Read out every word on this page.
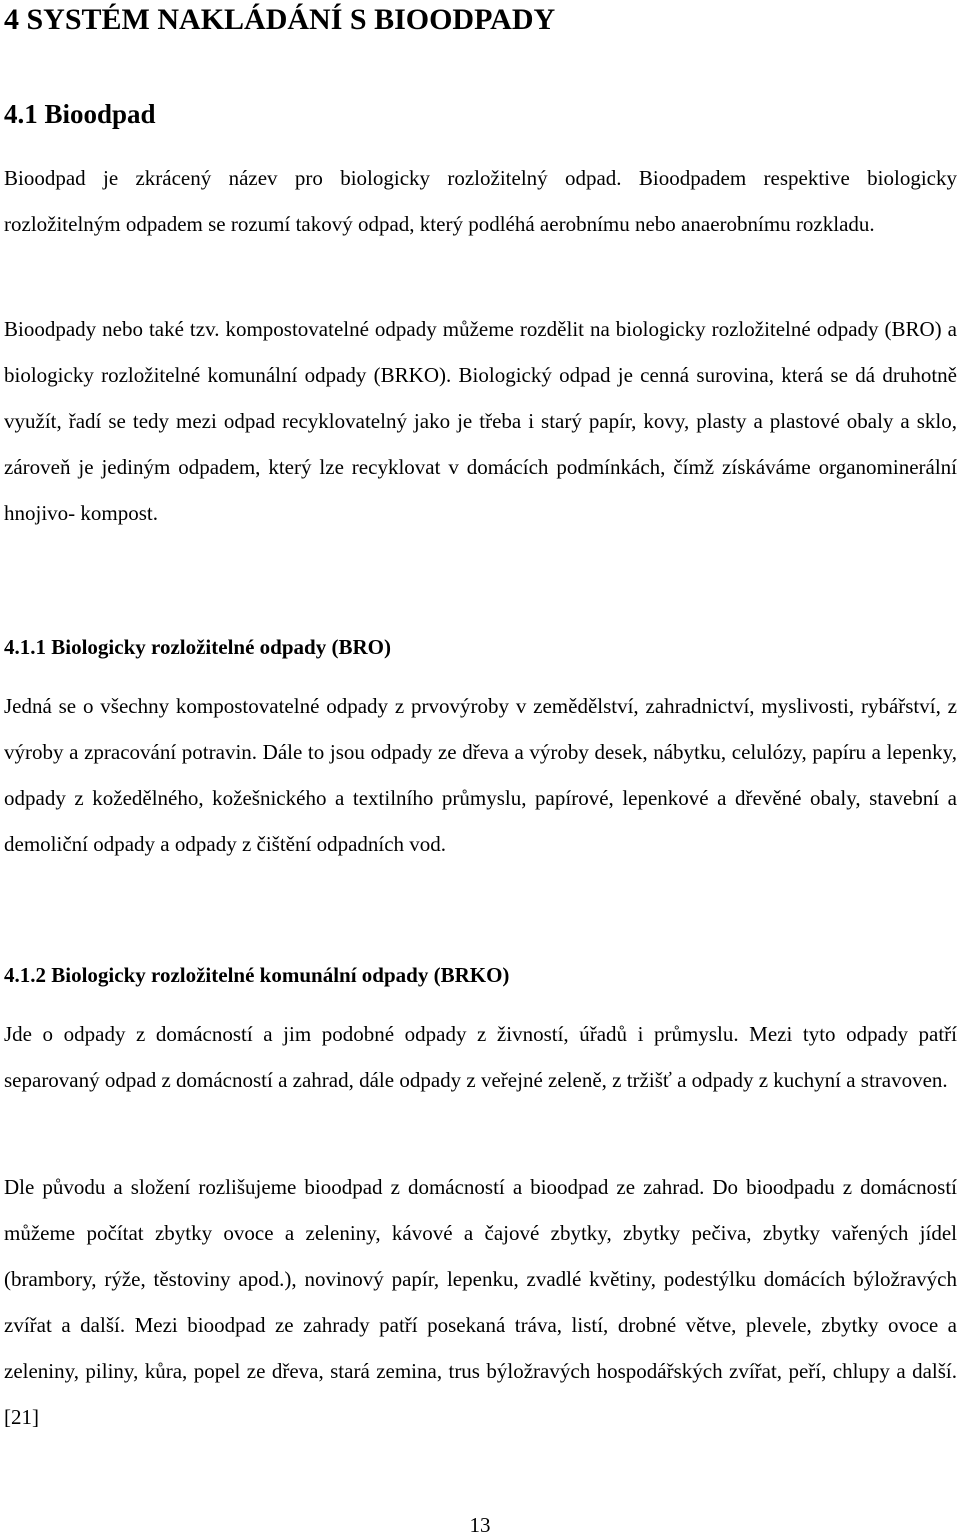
4 SYSTÉM NAKLÁDÁNÍ S BIOODPADY
4.1 Bioodpad

Bioodpad je zkrácený název pro biologicky rozložitelný odpad. Bioodpadem respektive biologicky rozložitelným odpadem se rozumí takový odpad, který podléhá aerobnímu nebo anaerobnímu rozkladu.

Bioodpady nebo také tzv. kompostovatelné odpady můžeme rozdělit na biologicky rozložitelné odpady (BRO) a biologicky rozložitelné komunální odpady (BRKO). Biologický odpad je cenná surovina, která se dá druhotně využít, řadí se tedy mezi odpad recyklovatelný jako je třeba i starý papír, kovy, plasty a plastové obaly a sklo, zároveň je jediným odpadem, který lze recyklovat v domácích podmínkách, čímž získáváme organominerální hnojivo- kompost.

4.1.1 Biologicky rozložitelné odpady (BRO)

Jedná se o všechny kompostovatelné odpady z prvovýroby v zemědělství, zahradnictví, myslivosti, rybářství, z výroby a zpracování potravin. Dále to jsou odpady ze dřeva a výroby desek, nábytku, celulózy, papíru a lepenky, odpady z kožedělného, kožešnického a textilního průmyslu, papírové, lepenkové a dřevěné obaly, stavební a demoliční odpady a odpady z čištění odpadních vod.

4.1.2 Biologicky rozložitelné komunální odpady (BRKO)

Jde o odpady z domácností a jim podobné odpady z živností, úřadů i průmyslu. Mezi tyto odpady patří separovaný odpad z domácností a zahrad, dále odpady z veřejné zeleně, z tržišť a odpady z kuchyní a stravoven.

Dle původu a složení rozlišujeme bioodpad z domácností a bioodpad ze zahrad. Do bioodpadu z domácností můžeme počítat zbytky ovoce a zeleniny, kávové a čajové zbytky, zbytky pečiva, zbytky vařených jídel (brambory, rýže, těstoviny apod.), novinový papír, lepenku, zvadlé květiny, podestýlku domácích býložravých zvířat a další. Mezi bioodpad ze zahrady patří posekaná tráva, listí, drobné větve, plevele, zbytky ovoce a zeleniny, piliny, kůra, popel ze dřeva, stará zemina, trus býložravých hospodářských zvířat, peří, chlupy a další. [21]

13
